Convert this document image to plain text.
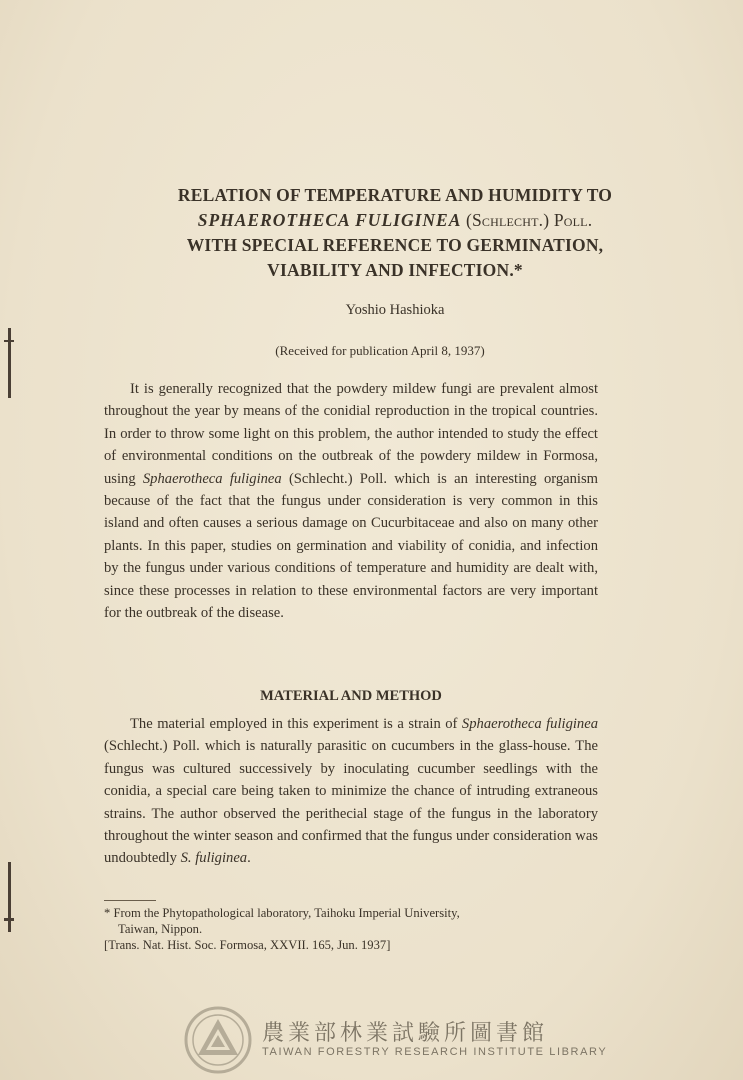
RELATION OF TEMPERATURE AND HUMIDITY TO
SPHAEROTHECA FULIGINEA (Schlecht.) Poll.
WITH SPECIAL REFERENCE TO GERMINATION,
VIABILITY AND INFECTION.*
Yoshio Hashioka
(Received for publication April 8, 1937)

It is generally recognized that the powdery mildew fungi are prevalent almost throughout the year by means of the conidial reproduction in the tropical countries. In order to throw some light on this problem, the author intended to study the effect of environmental conditions on the outbreak of the powdery mildew in Formosa, using Sphaerotheca fuliginea (Schlecht.) Poll. which is an interesting organism because of the fact that the fungus under consideration is very common in this island and often causes a serious damage on Cucurbitaceae and also on many other plants. In this paper, studies on germination and viability of conidia, and infection by the fungus under various conditions of temperature and humidity are dealt with, since these processes in relation to these environmental factors are very important for the outbreak of the disease.

MATERIAL AND METHOD

The material employed in this experiment is a strain of Sphaerotheca fuliginea (Schlecht.) Poll. which is naturally parasitic on cucumbers in the glass-house. The fungus was cultured successively by inoculating cucumber seedlings with the conidia, a special care being taken to minimize the chance of intruding extraneous strains. The author observed the perithecial stage of the fungus in the laboratory throughout the winter season and confirmed that the fungus under consideration was undoubtedly S. fuliginea.

* From the Phytopathological laboratory, Taihoku Imperial University,
Taiwan, Nippon.
[Trans. Nat. Hist. Soc. Formosa, XXVII. 165, Jun. 1937]
農業部林業試驗所圖書館
TAIWAN FORESTRY RESEARCH INSTITUTE LIBRARY
